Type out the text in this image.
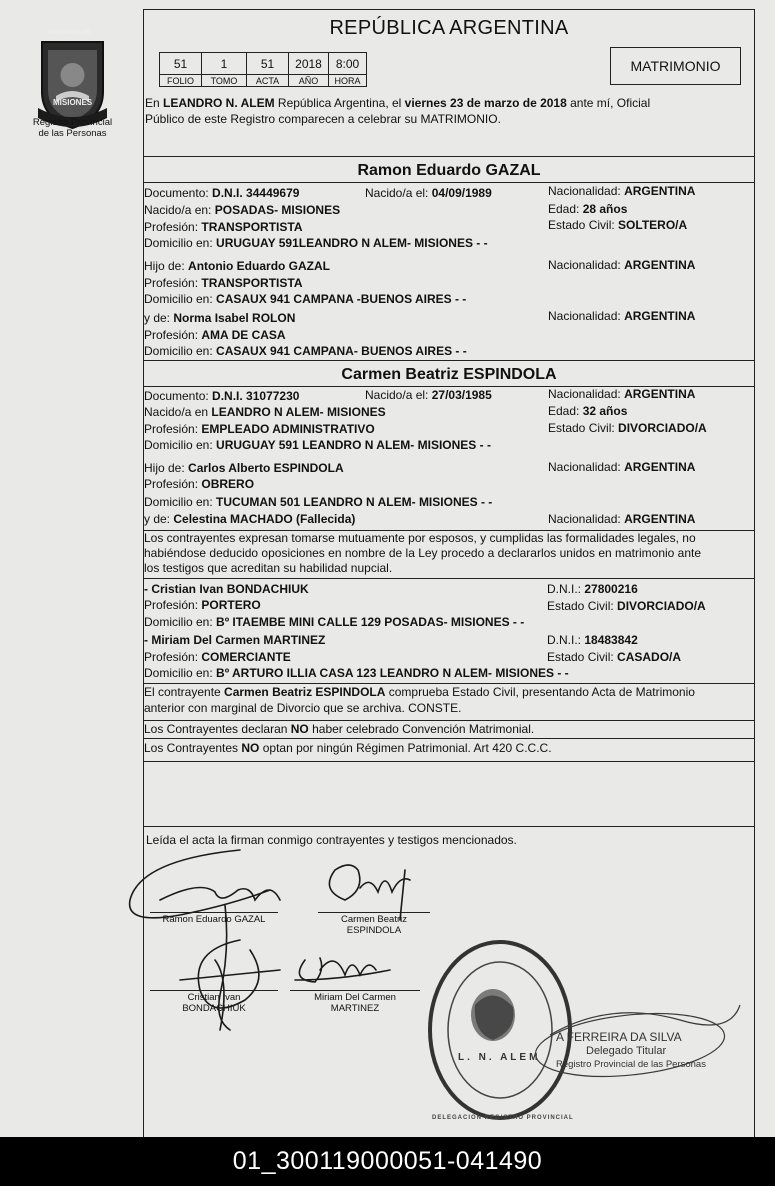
PROVINCIA DE
MISIONES
Registro Provincial
de las Personas
REPÚBLICA ARGENTINA
51	1	51	2018	8:00
FOLIO	TOMO	ACTA	AÑO	HORA
MATRIMONIO
En LEANDRO N. ALEM República Argentina, el viernes 23 de marzo de 2018 ante mí, Oficial
Público de este Registro comparecen a celebrar su MATRIMONIO.
Ramon Eduardo GAZAL
Documento: D.N.I. 34449679	Nacido/a el: 04/09/1989	Nacionalidad: ARGENTINA
Nacido/a en: POSADAS- MISIONES	Edad: 28 años
Profesión: TRANSPORTISTA	Estado Civil: SOLTERO/A
Domicilio en: URUGUAY 591LEANDRO N ALEM- MISIONES - -
Hijo de: Antonio Eduardo GAZAL	Nacionalidad: ARGENTINA
Profesión: TRANSPORTISTA
Domicilio en: CASAUX 941 CAMPANA -BUENOS AIRES - -
y de: Norma Isabel ROLON	Nacionalidad: ARGENTINA
Profesión: AMA DE CASA
Domicilio en: CASAUX 941 CAMPANA- BUENOS AIRES - -
Carmen Beatriz ESPINDOLA
Documento: D.N.I. 31077230	Nacido/a el: 27/03/1985	Nacionalidad: ARGENTINA
Nacido/a en LEANDRO N ALEM- MISIONES	Edad: 32 años
Profesión: EMPLEADO ADMINISTRATIVO	Estado Civil: DIVORCIADO/A
Domicilio en: URUGUAY 591 LEANDRO N ALEM- MISIONES - -
Hijo de: Carlos Alberto ESPINDOLA	Nacionalidad: ARGENTINA
Profesión: OBRERO
Domicilio en: TUCUMAN 501 LEANDRO N ALEM- MISIONES - -
y de: Celestina MACHADO (Fallecida)	Nacionalidad: ARGENTINA
Los contrayentes expresan tomarse mutuamente por esposos, y cumplidas las formalidades legales, no
habiéndose deducido oposiciones en nombre de la Ley procedo a declararlos unidos en matrimonio ante
los testigos que acreditan su habilidad nupcial.
- Cristian Ivan BONDACHIUK	D.N.I.: 27800216
Profesión: PORTERO	Estado Civil: DIVORCIADO/A
Domicilio en: Bº ITAEMBE MINI CALLE 129 POSADAS- MISIONES - -
- Miriam Del Carmen MARTINEZ	D.N.I.: 18483842
Profesión: COMERCIANTE	Estado Civil: CASADO/A
Domicilio en: Bº ARTURO ILLIA CASA 123 LEANDRO N ALEM- MISIONES - -
El contrayente Carmen Beatriz ESPINDOLA comprueba Estado Civil, presentando Acta de Matrimonio
anterior con marginal de Divorcio que se archiva. CONSTE.
Los Contrayentes declaran NO haber celebrado Convención Matrimonial.
Los Contrayentes NO optan por ningún Régimen Patrimonial. Art 420 C.C.C.
Leída el acta la firman conmigo contrayentes y testigos mencionados.
Ramon Eduardo GAZAL	Carmen Beatriz
ESPINDOLA
Cristian Ivan
BONDACHIUK
Miriam Del Carmen
MARTINEZ
L. N. ALEM
DELEGACION REGISTRO PROVINCIAL
A FERREIRA DA SILVA
Delegado Titular
Registro Provincial de las Personas
01_300119000051-041490
